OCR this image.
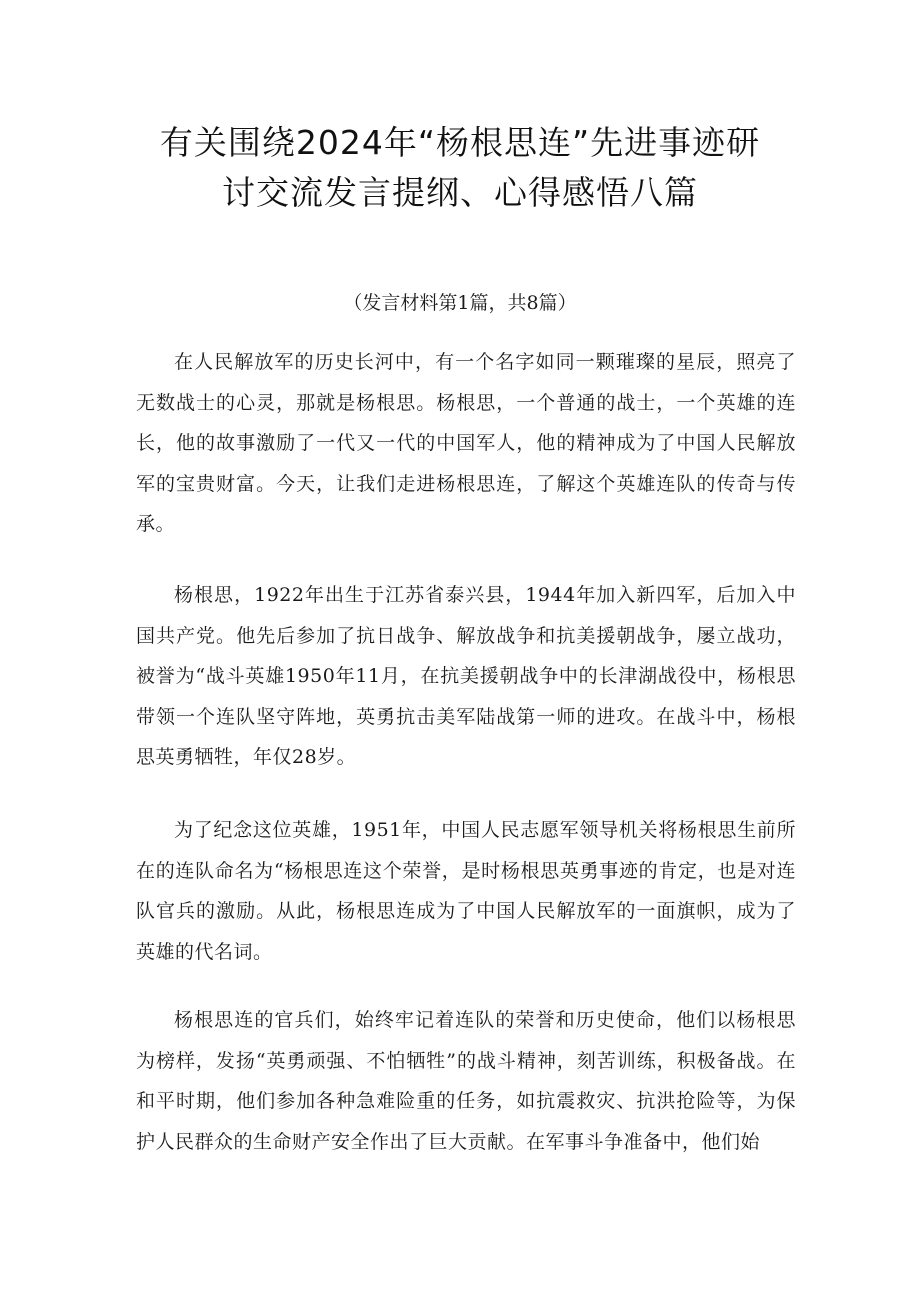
有关围绕2024年“杨根思连”先进事迹研
讨交流发言提纲、心得感悟八篇

（发言材料第1篇，共8篇）

在人民解放军的历史长河中，有一个名字如同一颗璀璨的星辰，照亮了无数战士的心灵，那就是杨根思。杨根思，一个普通的战士，一个英雄的连长，他的故事激励了一代又一代的中国军人，他的精神成为了中国人民解放军的宝贵财富。今天，让我们走进杨根思连，了解这个英雄连队的传奇与传承。

杨根思，1922年出生于江苏省泰兴县，1944年加入新四军，后加入中国共产党。他先后参加了抗日战争、解放战争和抗美援朝战争，屡立战功，被誉为“战斗英雄1950年11月，在抗美援朝战争中的长津湖战役中，杨根思带领一个连队坚守阵地，英勇抗击美军陆战第一师的进攻。在战斗中，杨根思英勇牺牲，年仅28岁。

为了纪念这位英雄，1951年，中国人民志愿军领导机关将杨根思生前所在的连队命名为“杨根思连这个荣誉，是时杨根思英勇事迹的肯定，也是对连队官兵的激励。从此，杨根思连成为了中国人民解放军的一面旗帜，成为了英雄的代名词。

杨根思连的官兵们，始终牢记着连队的荣誉和历史使命，他们以杨根思为榜样，发扬“英勇顽强、不怕牺牲”的战斗精神，刻苦训练，积极备战。在和平时期，他们参加各种急难险重的任务，如抗震救灾、抗洪抢险等，为保护人民群众的生命财产安全作出了巨大贡献。在军事斗争准备中，他们始
